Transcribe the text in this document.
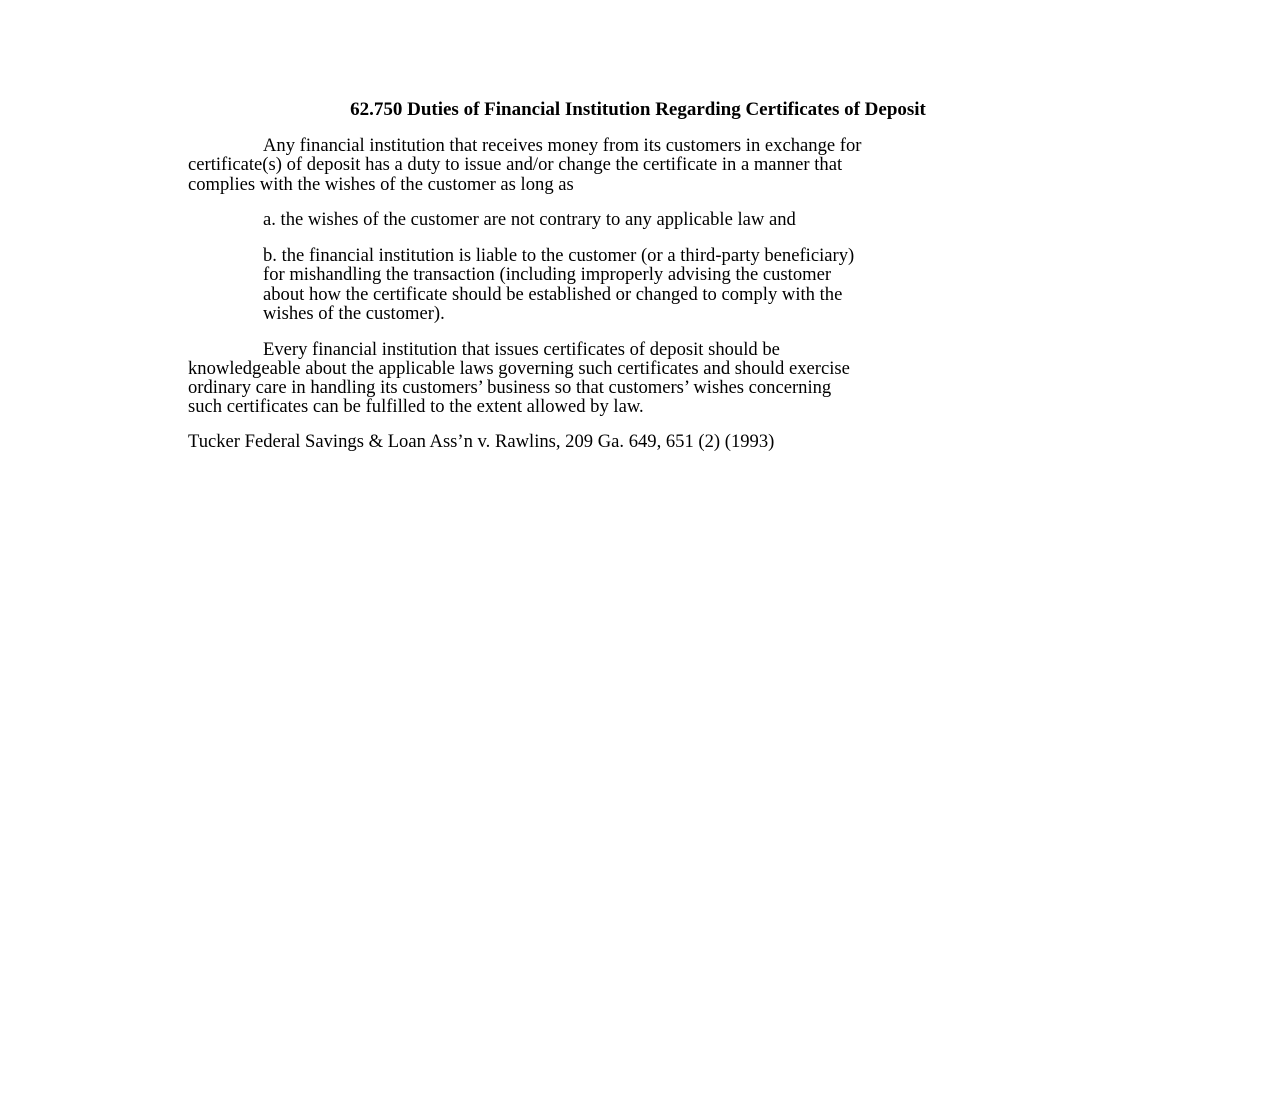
62.750 Duties of Financial Institution Regarding Certificates of Deposit
Any financial institution that receives money from its customers in exchange for
certificate(s) of deposit has a duty to issue and/or change the certificate in a manner that
complies with the wishes of the customer as long as
a. the wishes of the customer are not contrary to any applicable law and
b. the financial institution is liable to the customer (or a third-party beneficiary)
for mishandling the transaction (including improperly advising the customer
about how the certificate should be established or changed to comply with the
wishes of the customer).
Every financial institution that issues certificates of deposit should be
knowledgeable about the applicable laws governing such certificates and should exercise
ordinary care in handling its customers’ business so that customers’ wishes concerning
such certificates can be fulfilled to the extent allowed by law.
Tucker Federal Savings & Loan Ass’n v. Rawlins, 209 Ga. 649, 651 (2) (1993)
